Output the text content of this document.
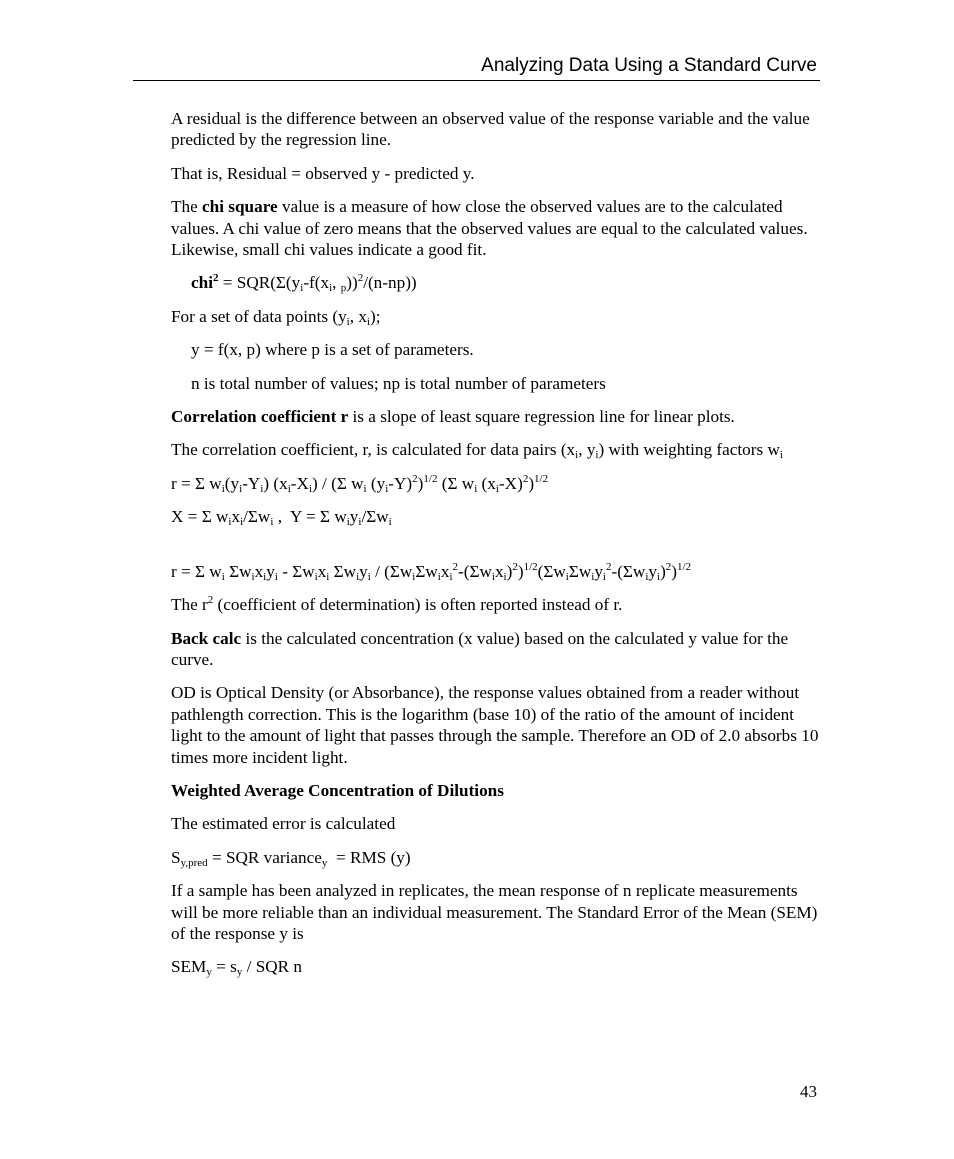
Analyzing Data Using a Standard Curve

A residual is the difference between an observed value of the response variable and the value predicted by the regression line.

That is, Residual = observed y - predicted y.

The chi square value is a measure of how close the observed values are to the calculated values. A chi value of zero means that the observed values are equal to the calculated values. Likewise, small chi values indicate a good fit.

$chi^2 = SQR(\Sigma(y_i-f(x_i$, $_p$))$^2$/(n-np))

For a set of data points ($y_i$, $x_i$);

y = f(x, p) where p is a set of parameters.

n is total number of values; np is total number of parameters

Correlation coefficient r is a slope of least square regression line for linear plots.

The correlation coefficient, r, is calculated for data pairs ($x_i$, $y_i$) with weighting factors $w_i$

r = Σ $w_i(y_i-Y_i)$ $(x_i-X_i) / (\Sigma$ $w_i$ $(y_i-Y)^2)^{1/2}$ (Σ $w_i$ $(x_i-X)^2)^{1/2}$

X = Σ $w_ix_i/\Sigma w_i$ ,  Y = Σ $w_iy_i/\Sigma w_i$

r = Σ $w_i$ $\Sigma w_ix_iy_i - \Sigma w_ix_i$ $\Sigma w_iy_i / (\Sigma w_i\Sigma w_ix_i^2-(\Sigma w_ix_i)^2)^{1/2}(\Sigma w_i\Sigma w_iy_i^2-(\Sigma w_iy_i)^2)^{1/2}$

The $r^2$ (coefficient of determination) is often reported instead of r.

Back calc is the calculated concentration (x value) based on the calculated y value for the curve.

OD is Optical Density (or Absorbance), the response values obtained from a reader without pathlength correction. This is the logarithm (base 10) of the ratio of the amount of incident light to the amount of light that passes through the sample. Therefore an OD of 2.0 absorbs 10 times more incident light.

Weighted Average Concentration of Dilutions

The estimated error is calculated

$S_{y,pred}$ = SQR variance$_y$  = RMS (y)

If a sample has been analyzed in replicates, the mean response of n replicate measurements will be more reliable than an individual measurement. The Standard Error of the Mean (SEM) of the response y is

$SEM_y = s_y$ / SQR n

43
